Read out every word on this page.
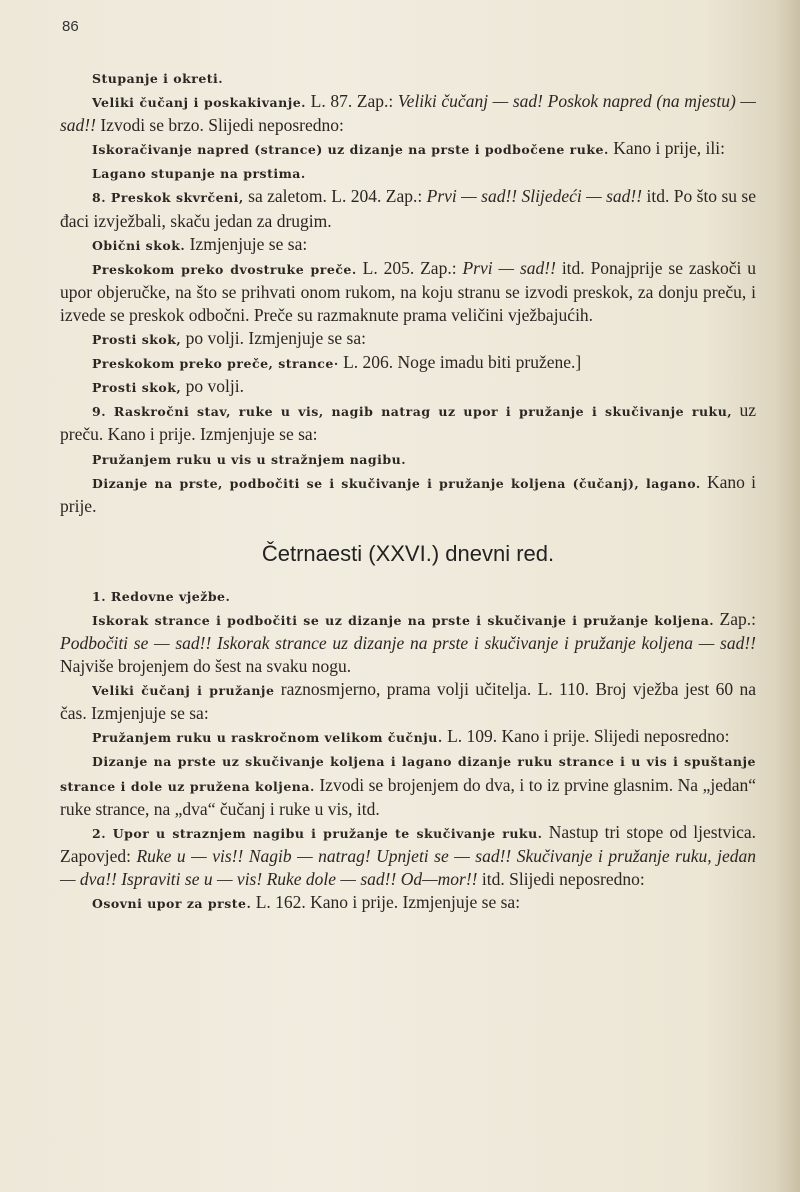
86

Stupanje i okreti.

Veliki čučanj i poskakivanje. L. 87. Zap.: Veliki čučanj — sad! Poskok napred (na mjestu) — sad!! Izvodi se brzo. Slijedi neposredno:

Iskoračivanje napred (strance) uz dizanje na prste i podbočene ruke. Kano i prije, ili:

Lagano stupanje na prstima.

8. Preskok skvrčeni, sa zaletom. L. 204. Zap.: Prvi — sad!! Slijedeći — sad!! itd. Po što su se đaci izvježbali, skaču jedan za drugim.

Obični skok. Izmjenjuje se sa:

Preskokom preko dvostruke preče. L. 205. Zap.: Prvi — sad!! itd. Ponajprije se zaskoči u upor objeručke, na što se prihvati onom rukom, na koju stranu se izvodi preskok, za donju preču, i izvede se preskok odbočni. Preče su razmaknute prama veličini vježbajućih.

Prosti skok, po volji. Izmjenjuje se sa:

Preskokom preko preče, strance· L. 206. Noge imadu biti pružene.]

Prosti skok, po volji.

9. Raskročni stav, ruke u vis, nagib natrag uz upor i pružanje i skučivanje ruku, uz preču. Kano i prije. Izmjenjuje se sa:

Pružanjem ruku u vis u stražnjem nagibu.

Dizanje na prste, podbočiti se i skučivanje i pružanje koljena (čučanj), lagano. Kano i prije.

Četrnaesti (XXVI.) dnevni red.

1. Redovne vježbe.

Iskorak strance i podbočiti se uz dizanje na prste i skučivanje i pružanje koljena. Zap.: Podbočiti se — sad!! Iskorak strance uz dizanje na prste i skučivanje i pružanje koljena — sad!! Najviše brojenjem do šest na svaku nogu.

Veliki čučanj i pružanje raznosmjerno, prama volji učitelja. L. 110. Broj vježba jest 60 na čas. Izmjenjuje se sa:

Pružanjem ruku u raskročnom velikom čučnju. L. 109. Kano i prije. Slijedi neposredno:

Dizanje na prste uz skučivanje koljena i lagano dizanje ruku strance i u vis i spuštanje strance i dole uz pružena koljena. Izvodi se brojenjem do dva, i to iz prvine glasnim. Na „jedan“ ruke strance, na „dva“ čučanj i ruke u vis, itd.

2. Upor u straznjem nagibu i pružanje te skučivanje ruku. Nastup tri stope od ljestvica. Zapovjed: Ruke u — vis!! Nagib — natrag! Upnjeti se — sad!! Skučivanje i pružanje ruku, jedan — dva!! Ispraviti se u — vis! Ruke dole — sad!! Od—mor!! itd. Slijedi neposredno:

Osovni upor za prste. L. 162. Kano i prije. Izmjenjuje se sa:
